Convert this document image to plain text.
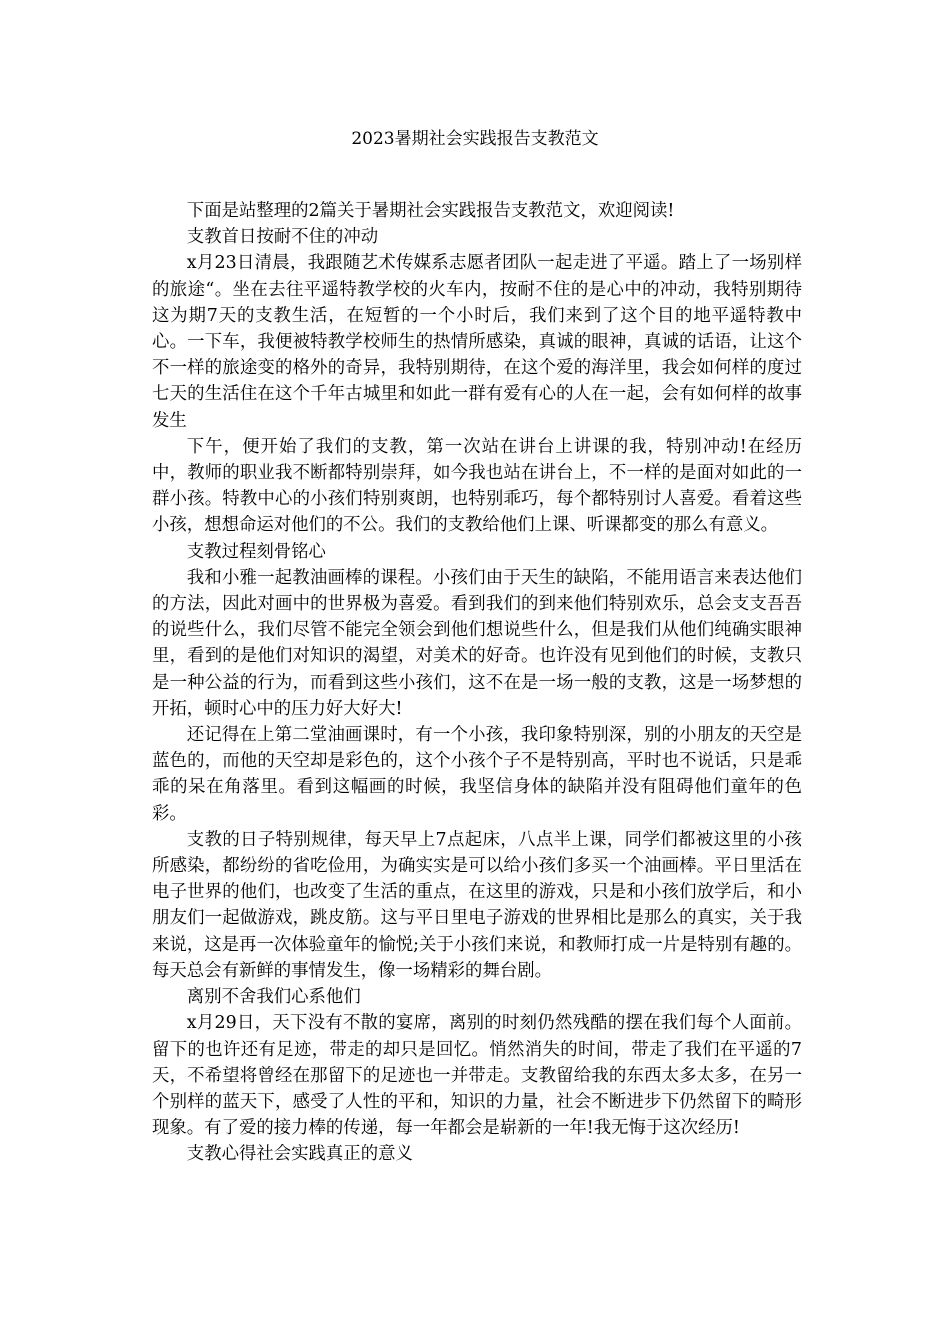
2023暑期社会实践报告支教范文

下面是站整理的2篇关于暑期社会实践报告支教范文，欢迎阅读!

支教首日按耐不住的冲动

x月23日清晨，我跟随艺术传媒系志愿者团队一起走进了平遥。踏上了一场别样的旅途“。坐在去往平遥特教学校的火车内，按耐不住的是心中的冲动，我特别期待这为期7天的支教生活，在短暂的一个小时后，我们来到了这个目的地平遥特教中心。一下车，我便被特教学校师生的热情所感染，真诚的眼神，真诚的话语，让这个不一样的旅途变的格外的奇异，我特别期待，在这个爱的海洋里，我会如何样的度过七天的生活住在这个千年古城里和如此一群有爱有心的人在一起，会有如何样的故事发生

下午，便开始了我们的支教，第一次站在讲台上讲课的我，特别冲动!在经历中，教师的职业我不断都特别崇拜，如今我也站在讲台上，不一样的是面对如此的一群小孩。特教中心的小孩们特别爽朗，也特别乖巧，每个都特别讨人喜爱。看着这些小孩，想想命运对他们的不公。我们的支教给他们上课、听课都变的那么有意义。

支教过程刻骨铭心

我和小雅一起教油画棒的课程。小孩们由于天生的缺陷，不能用语言来表达他们的方法，因此对画中的世界极为喜爱。看到我们的到来他们特别欢乐，总会支支吾吾的说些什么，我们尽管不能完全领会到他们想说些什么，但是我们从他们纯确实眼神里，看到的是他们对知识的渴望，对美术的好奇。也许没有见到他们的时候，支教只是一种公益的行为，而看到这些小孩们，这不在是一场一般的支教，这是一场梦想的开拓，顿时心中的压力好大好大!

还记得在上第二堂油画课时，有一个小孩，我印象特别深，别的小朋友的天空是蓝色的，而他的天空却是彩色的，这个小孩个子不是特别高，平时也不说话，只是乖乖的呆在角落里。看到这幅画的时候，我坚信身体的缺陷并没有阻碍他们童年的色彩。

支教的日子特别规律，每天早上7点起床，八点半上课，同学们都被这里的小孩所感染，都纷纷的省吃俭用，为确实实是可以给小孩们多买一个油画棒。平日里活在电子世界的他们，也改变了生活的重点，在这里的游戏，只是和小孩们放学后，和小朋友们一起做游戏，跳皮筋。这与平日里电子游戏的世界相比是那么的真实，关于我来说，这是再一次体验童年的愉悦;关于小孩们来说，和教师打成一片是特别有趣的。每天总会有新鲜的事情发生，像一场精彩的舞台剧。

离别不舍我们心系他们

x月29日，天下没有不散的宴席，离别的时刻仍然残酷的摆在我们每个人面前。留下的也许还有足迹，带走的却只是回忆。悄然消失的时间，带走了我们在平遥的7天，不希望将曾经在那留下的足迹也一并带走。支教留给我的东西太多太多，在另一个别样的蓝天下，感受了人性的平和，知识的力量，社会不断进步下仍然留下的畸形现象。有了爱的接力棒的传递，每一年都会是崭新的一年!我无悔于这次经历!

支教心得社会实践真正的意义
